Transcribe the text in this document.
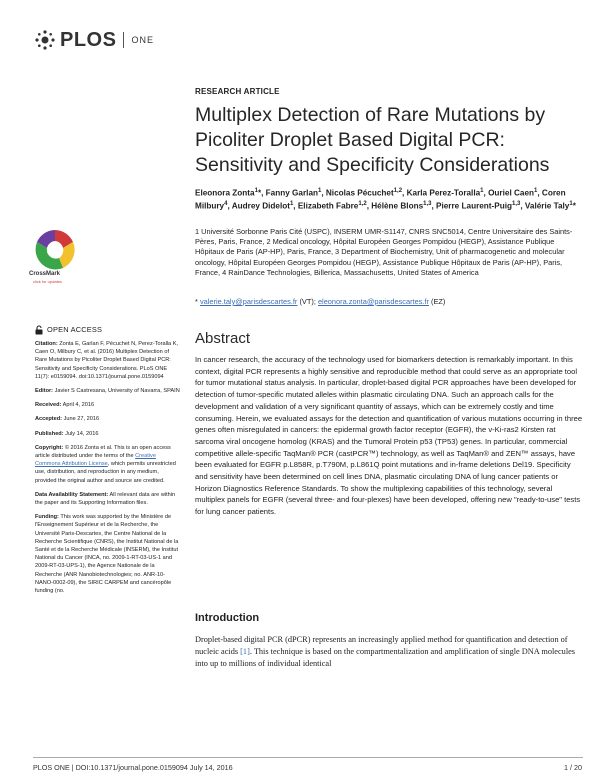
PLOS ONE
CrossMark
click for updates
RESEARCH ARTICLE
Multiplex Detection of Rare Mutations by Picoliter Droplet Based Digital PCR: Sensitivity and Specificity Considerations
Eleonora Zonta$^1$*, Fanny Garlan$^1$, Nicolas Pécuchet$^{1,2}$, Karla Perez-Toralla$^1$, Ouriel Caen$^1$, Coren Milbury$^4$, Audrey Didelot$^1$, Elizabeth Fabre$^{1,2}$, Hélène Blons$^{1,3}$, Pierre Laurent-Puig$^{1,3}$, Valérie Taly$^1$*
1 Université Sorbonne Paris Cité (USPC), INSERM UMR-S1147, CNRS SNC5014, Centre Universitaire des Saints-Pères, Paris, France, 2 Medical oncology, Hôpital Européen Georges Pompidou (HEGP), Assistance Publique Hôpitaux de Paris (AP-HP), Paris, France, 3 Department of Biochemistry, Unit of pharmacogenetic and molecular oncology, Hôpital Européen Georges Pompidou (HEGP), Assistance Publique Hôpitaux de Paris (AP-HP), Paris, France, 4 RainDance Technologies, Billerica, Massachusetts, United States of America
* valerie.taly@parisdescartes.fr (VT); eleonora.zonta@parisdescartes.fr (EZ)
OPEN ACCESS
Citation: Zonta E, Garlan F, Pécuchet N, Perez-Toralla K, Caen O, Milbury C, et al. (2016) Multiplex Detection of Rare Mutations by Picoliter Droplet Based Digital PCR: Sensitivity and Specificity Considerations. PLoS ONE 11(7): e0159094. doi:10.1371/journal.pone.0159094
Editor: Javier S Castresana, University of Navarra, SPAIN
Received: April 4, 2016
Accepted: June 27, 2016
Published: July 14, 2016
Copyright: © 2016 Zonta et al. This is an open access article distributed under the terms of the Creative Commons Attribution License, which permits unrestricted use, distribution, and reproduction in any medium, provided the original author and source are credited.
Data Availability Statement: All relevant data are within the paper and its Supporting Information files.
Funding: This work was supported by the Ministère de l'Enseignement Supérieur et de la Recherche, the Université Paris-Descartes, the Centre National de la Recherche Scientifique (CNRS), the Institut National de la Santé et de la Recherche Médicale (INSERM), the Institut National du Cancer (INCA, no. 2009-1-RT-03-US-1 and 2009-RT-03-UPS-1), the Agence Nationale de la Recherche (ANR Nanobiotechnologies; no. ANR-10-NANO-0002-09), the SIRIC CARPEM and cancéropôle funding (no.
Abstract
In cancer research, the accuracy of the technology used for biomarkers detection is remarkably important. In this context, digital PCR represents a highly sensitive and reproducible method that could serve as an appropriate tool for tumor mutational status analysis. In particular, droplet-based digital PCR approaches have been developed for detection of tumor-specific mutated alleles within plasmatic circulating DNA. Such an approach calls for the development and validation of a very significant quantity of assays, which can be extremely costly and time consuming. Herein, we evaluated assays for the detection and quantification of various mutations occurring in three genes often misregulated in cancers: the epidermal growth factor receptor (EGFR), the v-Ki-ras2 Kirsten rat sarcoma viral oncogene homolog (KRAS) and the Tumoral Protein p53 (TP53) genes. In particular, commercial competitive allele-specific TaqMan® PCR (castPCR™) technology, as well as TaqMan® and ZEN™ assays, have been evaluated for EGFR p.L858R, p.T790M, p.L861Q point mutations and in-frame deletions Del19. Specificity and sensitivity have been determined on cell lines DNA, plasmatic circulating DNA of lung cancer patients or Horizon Diagnostics Reference Standards. To show the multiplexing capabilities of this technology, several multiplex panels for EGFR (several three- and four-plexes) have been developed, offering new "ready-to-use" tests for lung cancer patients.
Introduction
Droplet-based digital PCR (dPCR) represents an increasingly applied method for quantification and detection of nucleic acids [1]. This technique is based on the compartmentalization and amplification of single DNA molecules into up to millions of individual identical
PLOS ONE | DOI:10.1371/journal.pone.0159094 July 14, 2016	1 / 20
